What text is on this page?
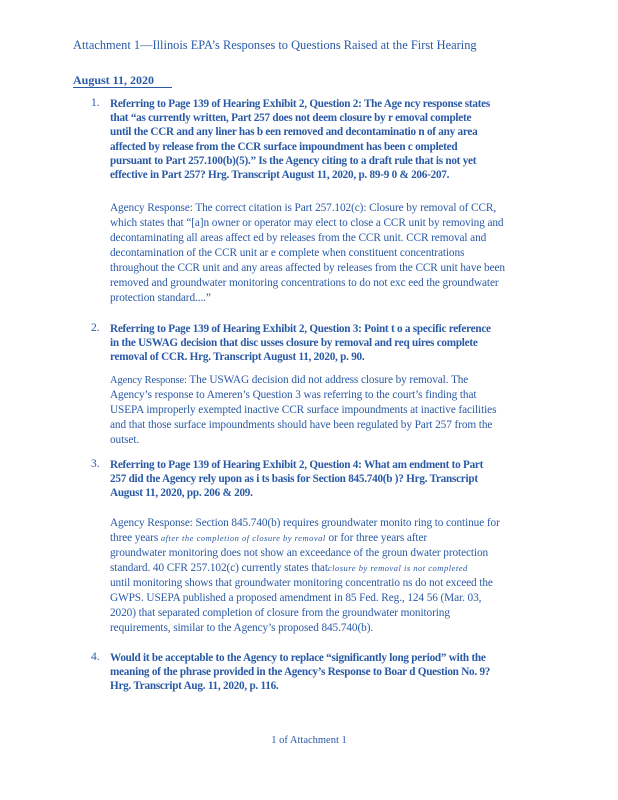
Attachment 1—Illinois EPA’s Responses to Questions Raised at the First Hearing
August 11, 2020
1. Referring to Page 139 of Hearing Exhibit 2, Question 2: The Age ncy response states

that “as currently written, Part 257 does not deem closure by r emoval complete

until the CCR and any liner has b een removed and decontaminatio n of any area

affected by release from the CCR surface impoundment has been c ompleted

pursuant to Part 257.100(b)(5).” Is the Agency citing to a draft rule that is not yet

effective in Part 257? Hrg. Transcript August 11, 2020, p. 89-9 0 & 206-207.

Agency Response: The correct citation is Part 257.102(c): Closure by removal of CCR,

which states that “[a]n owner or operator may elect to close a CCR unit by removing and

decontaminating all areas affect ed by releases from the CCR unit. CCR removal and

decontamination of the CCR unit ar e complete when constituent concentrations

throughout the CCR unit and any areas affected by releases from the CCR unit have been

removed and groundwater monitoring concentrations to do not exc eed the groundwater

protection standard....”

2. Referring to Page 139 of Hearing Exhibit 2, Question 3: Point t o a specific reference

in the USWAG decision that disc usses closure by removal and req uires complete

removal of CCR. Hrg. Transcript August 11, 2020, p. 90.

Agency Response: The USWAG decision did not address closure by removal. The

Agency’s response to Ameren’s Question 3 was referring to the court’s finding that

USEPA improperly exempted inactive CCR surface impoundments at inactive facilities

and that those surface impoundments should have been regulated by Part 257 from the

outset.

3. Referring to Page 139 of Hearing Exhibit 2, Question 4: What am endment to Part

257 did the Agency rely upon as i ts basis for Section 845.740(b )? Hrg. Transcript

August 11, 2020, pp. 206 & 209.

Agency Response: Section 845.740(b) requires groundwater monito ring to continue for

three years after the completion of closure by removal or for three years after

groundwater monitoring does not show an exceedance of the groun dwater protection

standard. 40 CFR 257.102(c) currently states thatclosure by removal is not completed

until monitoring shows that groundwater monitoring concentratio ns do not exceed the

GWPS. USEPA published a proposed amendment in 85 Fed. Reg., 124 56 (Mar. 03,

2020) that separated completion of closure from the groundwater monitoring

requirements, similar to the Agency’s proposed 845.740(b).

4. Would it be acceptable to the Agency to replace “significantly long period” with the

meaning of the phrase provided in the Agency’s Response to Boar d Question No. 9?

Hrg. Transcript Aug. 11, 2020, p. 116.

1 of Attachment 1
